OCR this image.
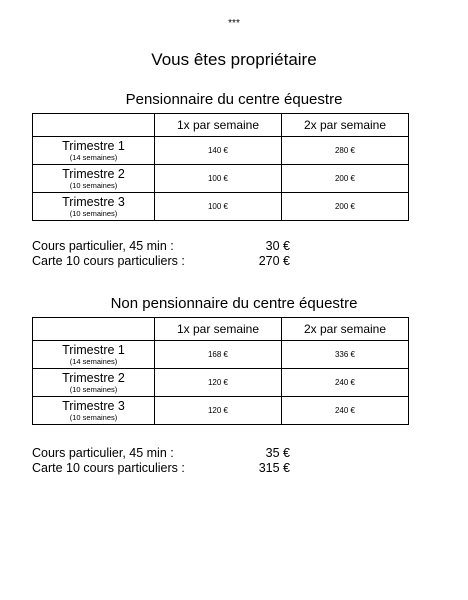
***
Vous êtes propriétaire
Pensionnaire du centre équestre
	1x par semaine	2x par semaine

Trimestre 1
(14 semaines)	140 €	280 €

Trimestre 2
(10 semaines)	100 €	200 €

Trimestre 3
(10 semaines)	100 €	200 €
Cours particulier, 45 min :	30 €
Carte 10 cours particuliers :	270 €
Non pensionnaire du centre équestre
	1x par semaine	2x par semaine

Trimestre 1
(14 semaines)	168 €	336 €

Trimestre 2
(10 semaines)	120 €	240 €

Trimestre 3
(10 semaines)	120 €	240 €
Cours particulier, 45 min :	35 €
Carte 10 cours particuliers :	315 €
